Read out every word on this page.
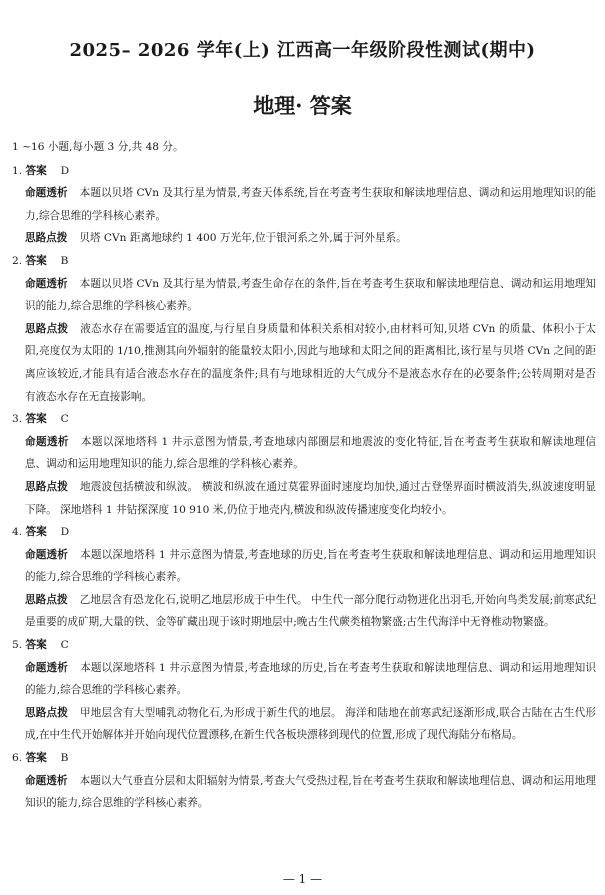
2025– 2026 学年(上) 江西高一年级阶段性测试(期中)
地理· 答案
1 ~16 小题,每小题 3 分,共 48 分。
1. 答案 D
命题透析 本题以贝塔 CVn 及其行星为情景,考查天体系统,旨在考查考生获取和解读地理信息、调动和运用地理知识的能力,综合思维的学科核心素养。
思路点拨 贝塔 CVn 距离地球约 1 400 万光年,位于银河系之外,属于河外星系。
2. 答案 B
命题透析 本题以贝塔 CVn 及其行星为情景,考查生命存在的条件,旨在考查考生获取和解读地理信息、调动和运用地理知识的能力,综合思维的学科核心素养。
思路点拨 液态水存在需要适宜的温度,与行星自身质量和体积关系相对较小,由材料可知,贝塔 CVn 的质量、体积小于太阳,亮度仅为太阳的 1/10,推测其向外辐射的能量较太阳小,因此与地球和太阳之间的距离相比,该行星与贝塔 CVn 之间的距离应该较近,才能具有适合液态水存在的温度条件;具有与地球相近的大气成分不是液态水存在的必要条件;公转周期对是否有液态水存在无直接影响。
3. 答案 C
命题透析 本题以深地塔科 1 井示意图为情景,考查地球内部圈层和地震波的变化特征,旨在考查考生获取和解读地理信息、调动和运用地理知识的能力,综合思维的学科核心素养。
思路点拨 地震波包括横波和纵波。 横波和纵波在通过莫霍界面时速度均加快,通过古登堡界面时横波消失,纵波速度明显下降。 深地塔科 1 井钻探深度 10 910 米,仍位于地壳内,横波和纵波传播速度变化均较小。
4. 答案 D
命题透析 本题以深地塔科 1 井示意图为情景,考查地球的历史,旨在考查考生获取和解读地理信息、调动和运用地理知识的能力,综合思维的学科核心素养。
思路点拨 乙地层含有恐龙化石,说明乙地层形成于中生代。 中生代一部分爬行动物进化出羽毛,开始向鸟类发展;前寒武纪是重要的成矿期,大量的铁、金等矿藏出现于该时期地层中;晚古生代蕨类植物繁盛;古生代海洋中无脊椎动物繁盛。
5. 答案 C
命题透析 本题以深地塔科 1 井示意图为情景,考查地球的历史,旨在考查考生获取和解读地理信息、调动和运用地理知识的能力,综合思维的学科核心素养。
思路点拨 甲地层含有大型哺乳动物化石,为形成于新生代的地层。 海洋和陆地在前寒武纪逐渐形成,联合古陆在古生代形成,在中生代开始解体并开始向现代位置漂移,在新生代各板块漂移到现代的位置,形成了现代海陆分布格局。
6. 答案 B
命题透析 本题以大气垂直分层和太阳辐射为情景,考查大气受热过程,旨在考查考生获取和解读地理信息、调动和运用地理知识的能力,综合思维的学科核心素养。
— 1 —
